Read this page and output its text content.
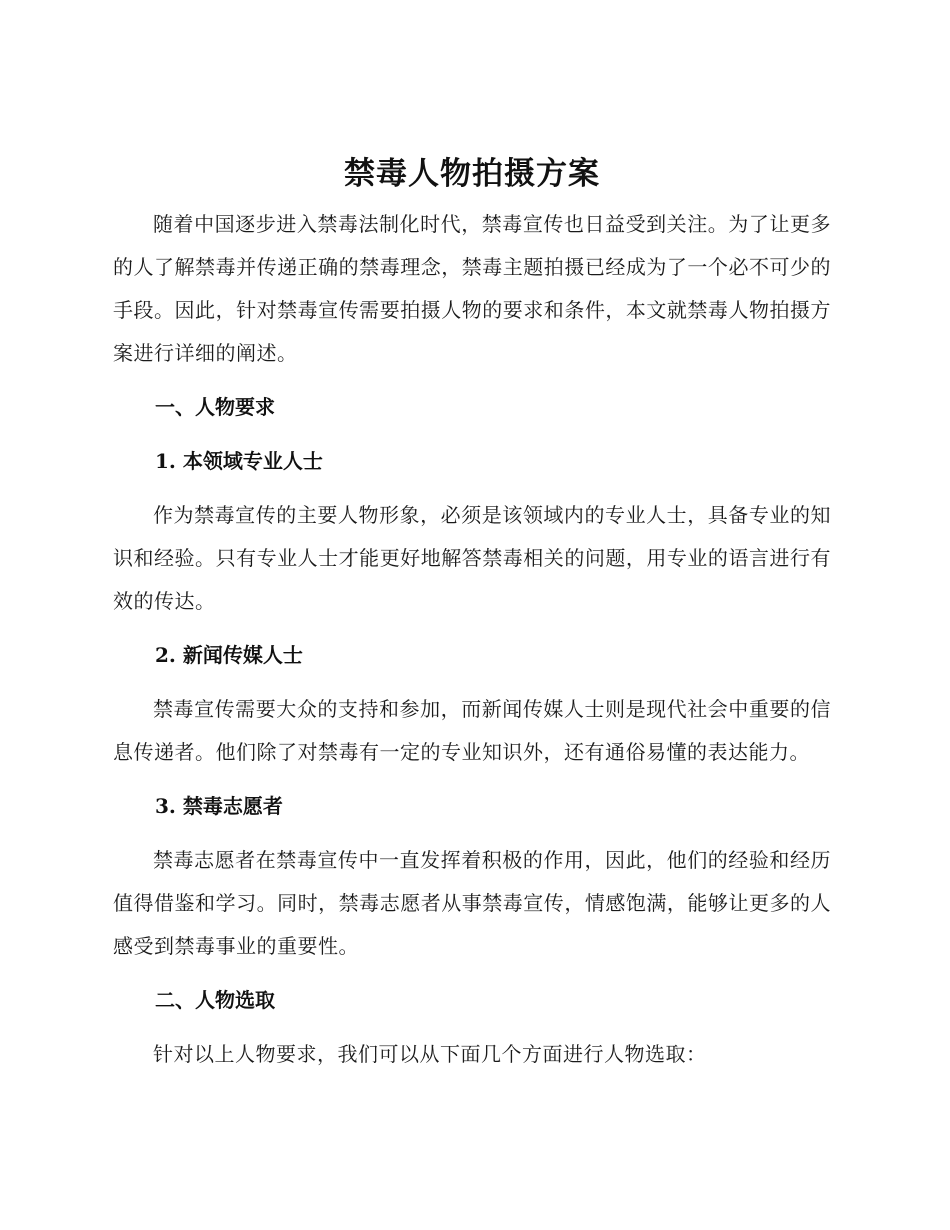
禁毒人物拍摄方案

随着中国逐步进入禁毒法制化时代，禁毒宣传也日益受到关注。为了让更多的人了解禁毒并传递正确的禁毒理念，禁毒主题拍摄已经成为了一个必不可少的手段。因此，针对禁毒宣传需要拍摄人物的要求和条件，本文就禁毒人物拍摄方案进行详细的阐述。

一、人物要求
1. 本领域专业人士

作为禁毒宣传的主要人物形象，必须是该领域内的专业人士，具备专业的知识和经验。只有专业人士才能更好地解答禁毒相关的问题，用专业的语言进行有效的传达。

2. 新闻传媒人士

禁毒宣传需要大众的支持和参加，而新闻传媒人士则是现代社会中重要的信息传递者。他们除了对禁毒有一定的专业知识外，还有通俗易懂的表达能力。

3. 禁毒志愿者

禁毒志愿者在禁毒宣传中一直发挥着积极的作用，因此，他们的经验和经历值得借鉴和学习。同时，禁毒志愿者从事禁毒宣传，情感饱满，能够让更多的人感受到禁毒事业的重要性。

二、人物选取

针对以上人物要求，我们可以从下面几个方面进行人物选取：
